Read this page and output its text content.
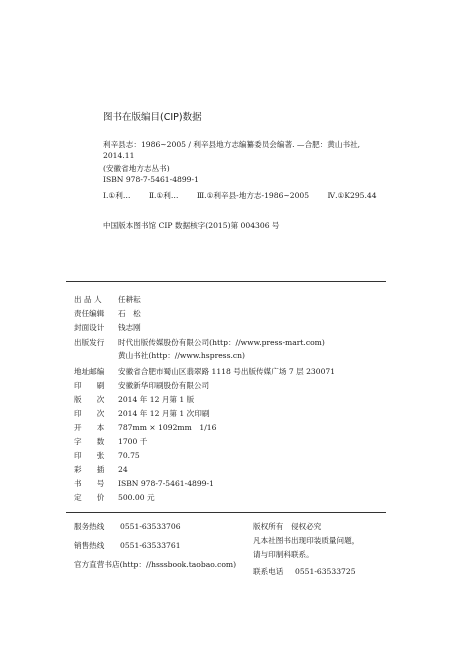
图书在版编目(CIP)数据
利辛县志：1986~2005 / 利辛县地方志编纂委员会编著. —合肥：黄山书社,
2014.11
(安徽省地方志丛书)
ISBN 978-7-5461-4899-1
Ⅰ.①利… Ⅱ.①利… Ⅲ.①利辛县-地方志-1986~2005 Ⅳ.①K295.44
中国版本图书馆 CIP 数据核字(2015)第 004306 号
出 品 人 任耕耘
责任编辑 石　松
封面设计 钱志刚
出版发行 时代出版传媒股份有限公司(http：//www.press-mart.com)
黄山书社(http：//www.hspress.cn)
地址邮编 安徽省合肥市蜀山区翡翠路 1118 号出版传媒广场 7 层 230071
印　　刷 安徽新华印刷股份有限公司
版　　次 2014 年 12 月第 1 版
印　　次 2014 年 12 月第 1 次印刷
开　　本 787mm × 1092mm　1/16
字　　数 1700 千
印　　张 70.75
彩　　插 24
书　　号 ISBN 978-7-5461-4899-1
定　　价 500.00 元
服务热线 0551-63533706
销售热线 0551-63533761
官方直营书店(http：//hsssbook.taobao.com)
版权所有　侵权必究
凡本社图书出现印装质量问题，
请与印制科联系。
联系电话 0551-63533725
